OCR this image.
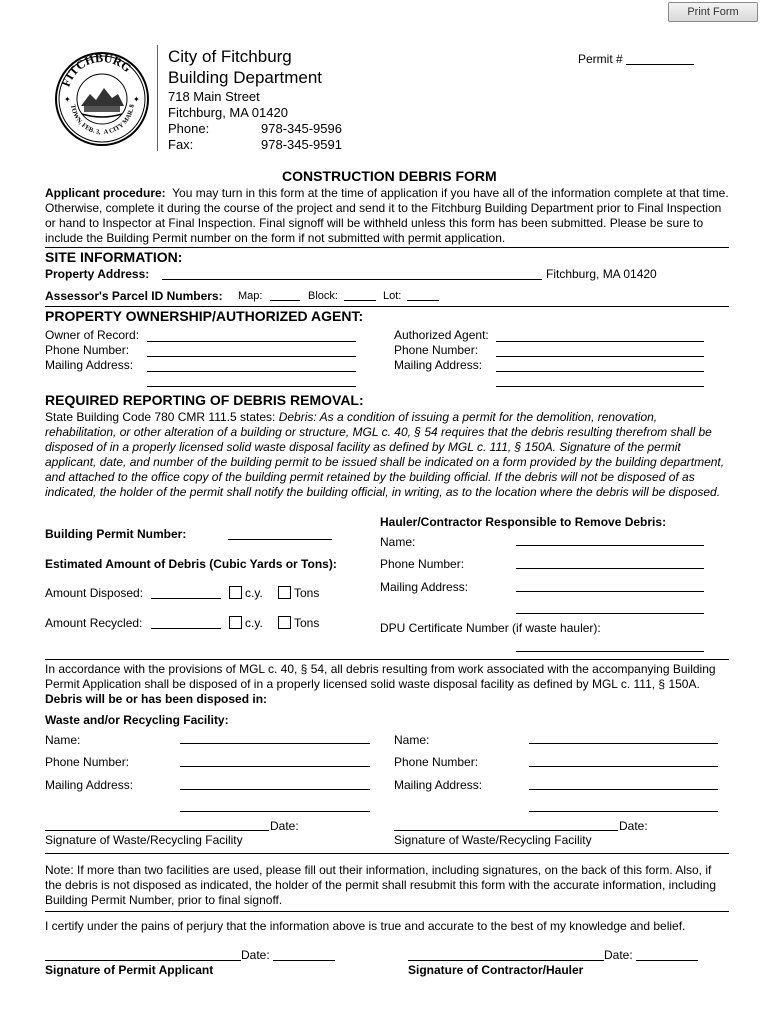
Print Form
FITCHBURG
TOWN, FEB. 3, A CITY MAR. 8
✦	✦
City of Fitchburg
Building Department
718 Main Street
Fitchburg, MA 01420
Phone:	978-345-9596
Fax:	978-345-9591
Permit #
CONSTRUCTION DEBRIS FORM
Applicant procedure: You may turn in this form at the time of application if you have all of the information complete at that time. Otherwise, complete it during the course of the project and send it to the Fitchburg Building Department prior to Final Inspection or hand to Inspector at Final Inspection. Final signoff will be withheld unless this form has been submitted. Please be sure to include the Building Permit number on the form if not submitted with permit application.
SITE INFORMATION:
Property Address:	Fitchburg, MA 01420
Assessor's Parcel ID Numbers: Map:	Block:	Lot:
PROPERTY OWNERSHIP/AUTHORIZED AGENT:
Owner of Record:
Phone Number:
Mailing Address:
Authorized Agent:
Phone Number:
Mailing Address:
REQUIRED REPORTING OF DEBRIS REMOVAL:
State Building Code 780 CMR 111.5 states: Debris: As a condition of issuing a permit for the demolition, renovation, rehabilitation, or other alteration of a building or structure, MGL c. 40, § 54 requires that the debris resulting therefrom shall be disposed of in a properly licensed solid waste disposal facility as defined by MGL c. 111, § 150A. Signature of the permit applicant, date, and number of the building permit to be issued shall be indicated on a form provided by the building department, and attached to the office copy of the building permit retained by the building official. If the debris will not be disposed of as indicated, the holder of the permit shall notify the building official, in writing, as to the location where the debris will be disposed.
Building Permit Number:
Estimated Amount of Debris (Cubic Yards or Tons):
Amount Disposed:	c.y.	Tons
Amount Recycled:	c.y.	Tons
Hauler/Contractor Responsible to Remove Debris:
Name:
Phone Number:
Mailing Address:
DPU Certificate Number (if waste hauler):
In accordance with the provisions of MGL c. 40, § 54, all debris resulting from work associated with the accompanying Building Permit Application shall be disposed of in a properly licensed solid waste disposal facility as defined by MGL c. 111, § 150A.  Debris will be or has been disposed in:
Waste and/or Recycling Facility:
Name:
Phone Number:
Mailing Address:
Name:
Phone Number:
Mailing Address:
Date:
Signature of Waste/Recycling Facility
Date:
Signature of Waste/Recycling Facility
Note: If more than two facilities are used, please fill out their information, including signatures, on the back of this form. Also, if the debris is not disposed as indicated, the holder of the permit shall resubmit this form with the accurate information, including Building Permit Number, prior to final signoff.
I certify under the pains of perjury that the information above is true and accurate to the best of my knowledge and belief.
Date:
Signature of Permit Applicant
Date:
Signature of Contractor/Hauler
